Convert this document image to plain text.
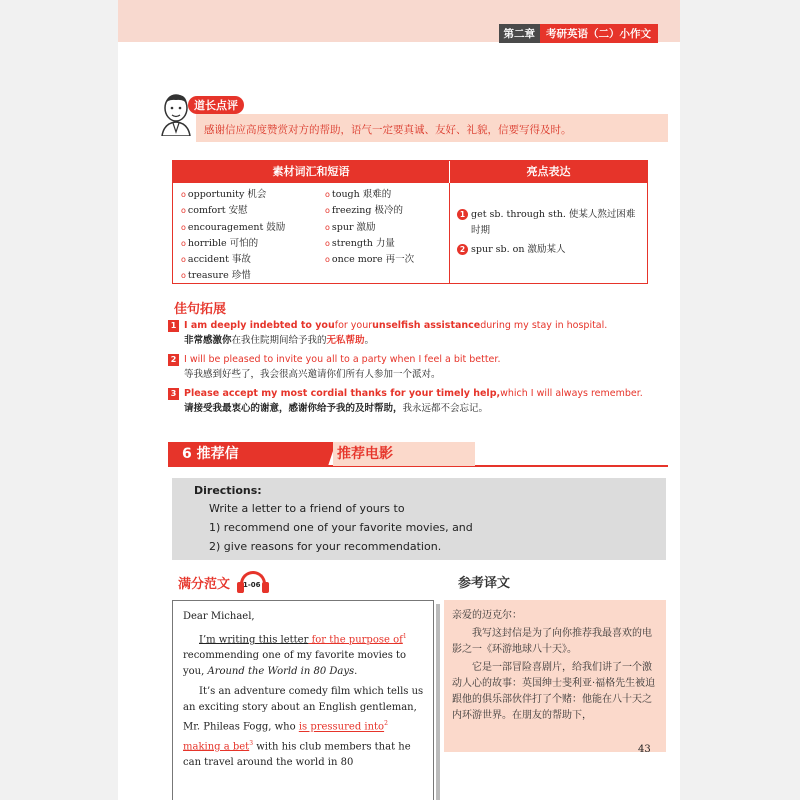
第二章	考研英语（二）小作文
道长点评
感谢信应高度赞赏对方的帮助，语气一定要真诚、友好、礼貌，信要写得及时。
素材词汇和短语	亮点表达
o opportunity 机会
o comfort 安慰
o encouragement 鼓励
o horrible 可怕的
o accident 事故
o treasure 珍惜
o tough 艰难的
o freezing 极冷的
o spur 激励
o strength 力量
o once more 再一次
1 get sb. through sth. 使某人熬过困难时期
2 spur sb. on 激励某人
佳句拓展
1 I am deeply indebted to you for your unselfish assistance during my stay in hospital.
非常感激你在我住院期间给予我的无私帮助。
2 I will be pleased to invite you all to a party when I feel a bit better.
等我感到好些了，我会很高兴邀请你们所有人参加一个派对。
3 Please accept my most cordial thanks for your timely help, which I will always remember.
请接受我最衷心的谢意，感谢你给予我的及时帮助，我永远都不会忘记。
6 推荐信	推荐电影
Directions:
Write a letter to a friend of yours to
1) recommend one of your favorite movies, and
2) give reasons for your recommendation.
满分范文 1-06	参考译文

Dear Michael,

I’m writing this letter for the purpose $of^1$ recommending one of my favorite movies to you, Around the World in 80 Days.

It’s an adventure comedy film which tells us an exciting story about an English gentleman, Mr. Phileas Fogg, who is pressured into$^2$ making a bet$^3$ with his club members that he can travel around the world in 80

亲爱的迈克尔：

我写这封信是为了向你推荐我最喜欢的电影之一《环游地球八十天》。

它是一部冒险喜剧片，给我们讲了一个激动人心的故事：英国绅士斐利亚·福格先生被迫跟他的俱乐部伙伴打了个赌：他能在八十天之内环游世界。在朋友的帮助下，

43
